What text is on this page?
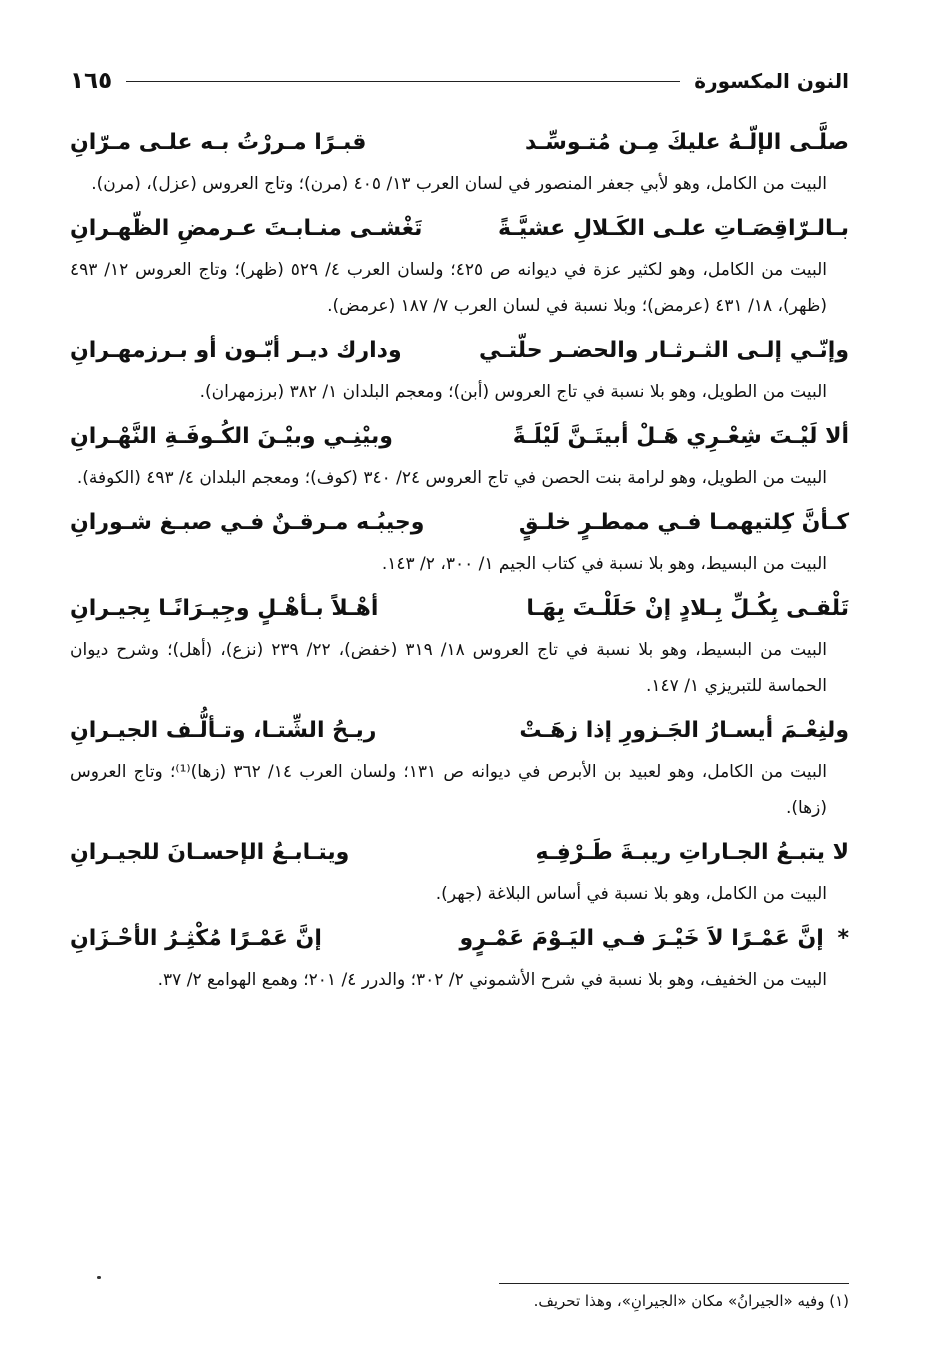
النون المكسورة
١٦٥
صلَّـى الإلّـهُ عليكَ مِـن مُتـوسِّـد
قبـرًا مـررْتُ بـه علـى مـرّانِ
البيت من الكامل، وهو لأبي جعفر المنصور في لسان العرب ١٣/ ٤٠٥ (مرن)؛ وتاج العروس (عزل)، (مرن).
بـالـرّاقِصَـاتِ علـى الكَـلالِ عشيَّـةً
تَغْشـى منـابـتَ عـرمضِ الظّهـرانِ
البيت من الكامل، وهو لكثير عزة في ديوانه ص ٤٢٥؛ ولسان العرب ٤/ ٥٢٩ (ظهر)؛ وتاج العروس ١٢/ ٤٩٣ (ظهر)، ١٨/ ٤٣١ (عرمض)؛ وبلا نسبة في لسان العرب ٧/ ١٨٧ (عرمض).
وإنّـي إلـى الثـرثـار والحضـر حلّتـي
ودارك ديـر أبّـون أو بـرزمهـرانِ
البيت من الطويل، وهو بلا نسبة في تاج العروس (أبن)؛ ومعجم البلدان ١/ ٣٨٢ (برزمهران).
ألا لَيْـتَ شِعْـرِي هَـلْ أبيتَـنَّ لَيْلَـةً
وبيْنِـي وبيْـنَ الكُـوفَـةِ النَّهْـرانِ
البيت من الطويل، وهو لرامة بنت الحصن في تاج العروس ٢٤/ ٣٤٠ (كوف)؛ ومعجم البلدان ٤/ ٤٩٣ (الكوفة).
كـأنَّ كِلتيهمـا فـي ممطـرٍ خلـقٍ
وجيبُـه مـرقـنٌ فـي صبـغ شـورانِ
البيت من البسيط، وهو بلا نسبة في كتاب الجيم ١/ ٣٠٠، ٢/ ١٤٣.
تَلْقـى بِكُـلِّ بِـلادٍ إنْ حَلَلْـتَ بِهَـا
أهْـلاً بـأهْـلٍ وجِيـرَانًـا بِجيـرانِ
البيت من البسيط، وهو بلا نسبة في تاج العروس ١٨/ ٣١٩ (خفض)، ٢٢/ ٢٣٩ (نزع)، (أهل)؛ وشرح ديوان الحماسة للتبريزي ١/ ١٤٧.
ولنِعْـمَ أيسـارُ الجَـزورِ إذا زهَـتْ
ريـحُ الشِّتـا، وتـألُّـف الجيـرانِ
البيت من الكامل، وهو لعبيد بن الأبرص في ديوانه ص ١٣١؛ ولسان العرب ١٤/ ٣٦٢ (زها)⁽¹⁾؛ وتاج العروس (زها).
لا يتبـعُ الجـاراتِ ريبـةَ طَـرْفِـهِ
ويتـابـعُ الإحسـانَ للجيـرانِ
البيت من الكامل، وهو بلا نسبة في أساس البلاغة (جهر).
* إنَّ عَمْـرًا لاَ خَيْـرَ فـي اليَـوْمَ عَمْـرٍو
إنَّ عَمْـرًا مُكْثِـرُ الأحْـزَانِ
البيت من الخفيف، وهو بلا نسبة في شرح الأشموني ٢/ ٣٠٢؛ والدرر ٤/ ٢٠١؛ وهمع الهوامع ٢/ ٣٧.
(١) وفيه «الجيرانُ» مكان «الجيرانِ»، وهذا تحريف.
